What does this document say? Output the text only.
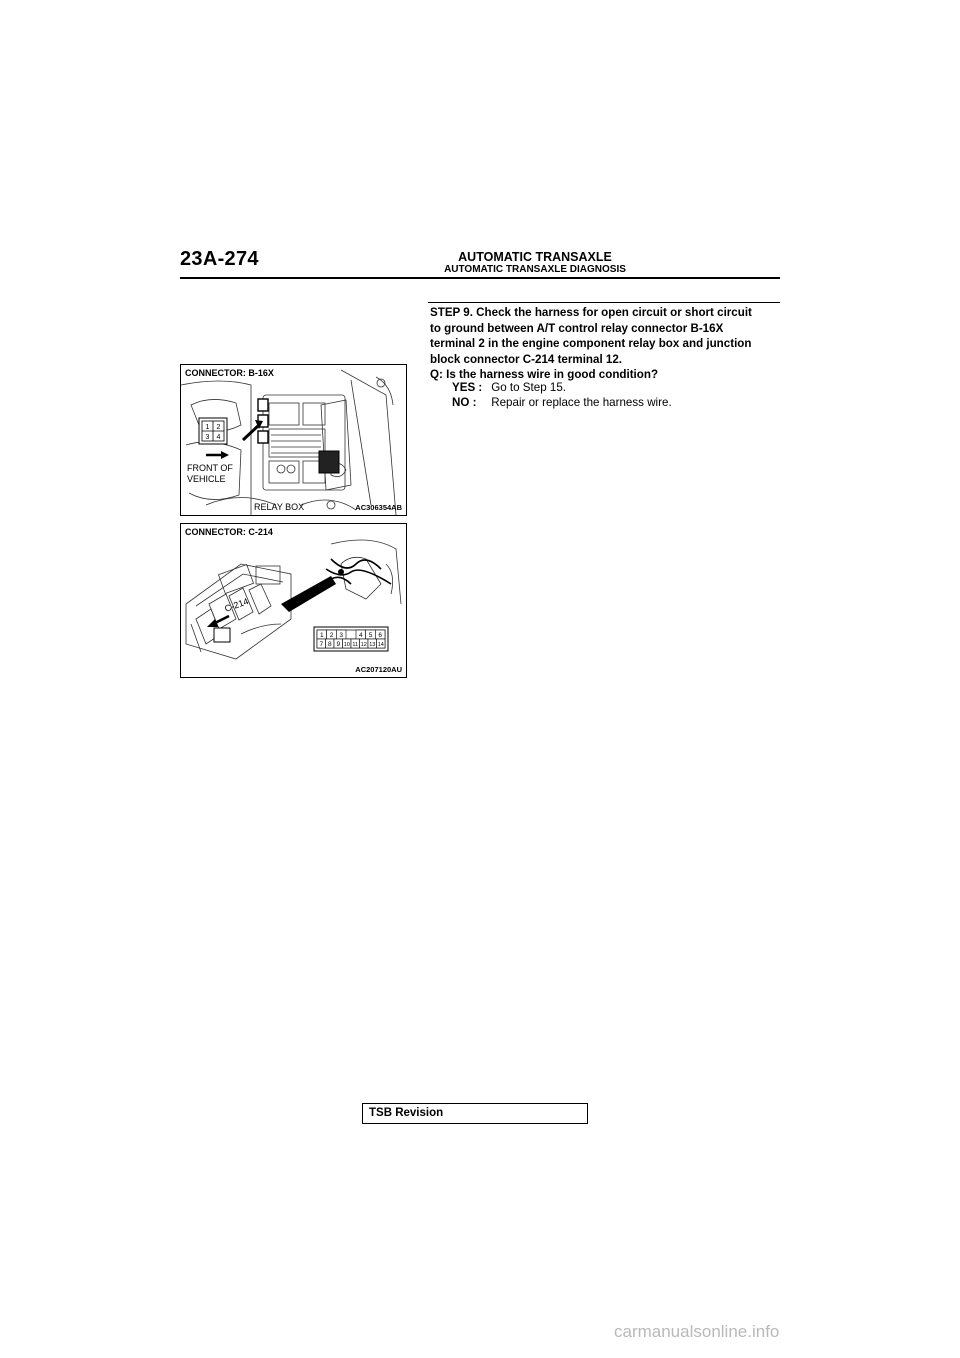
23A-274	AUTOMATIC TRANSAXLE
AUTOMATIC TRANSAXLE DIAGNOSIS

STEP 9. Check the harness for open circuit or short circuit

to ground between A/T control relay connector B-16X

terminal 2 in the engine component relay box and junction

block connector C-214 terminal 12.

Q: Is the harness wire in good condition?

YES : Go to Step 15.
NO : Repair or replace the harness wire.
1 2
3 4
FRONT OF
VEHICLE
RELAY BOX
CONNECTOR: B-16X
AC306354AB
C-214
1 2 3 4 5 6
7 8 9 10 11 12 13 14
CONNECTOR: C-214
AC207120AU
TSB Revision
carmanualsonline.info
